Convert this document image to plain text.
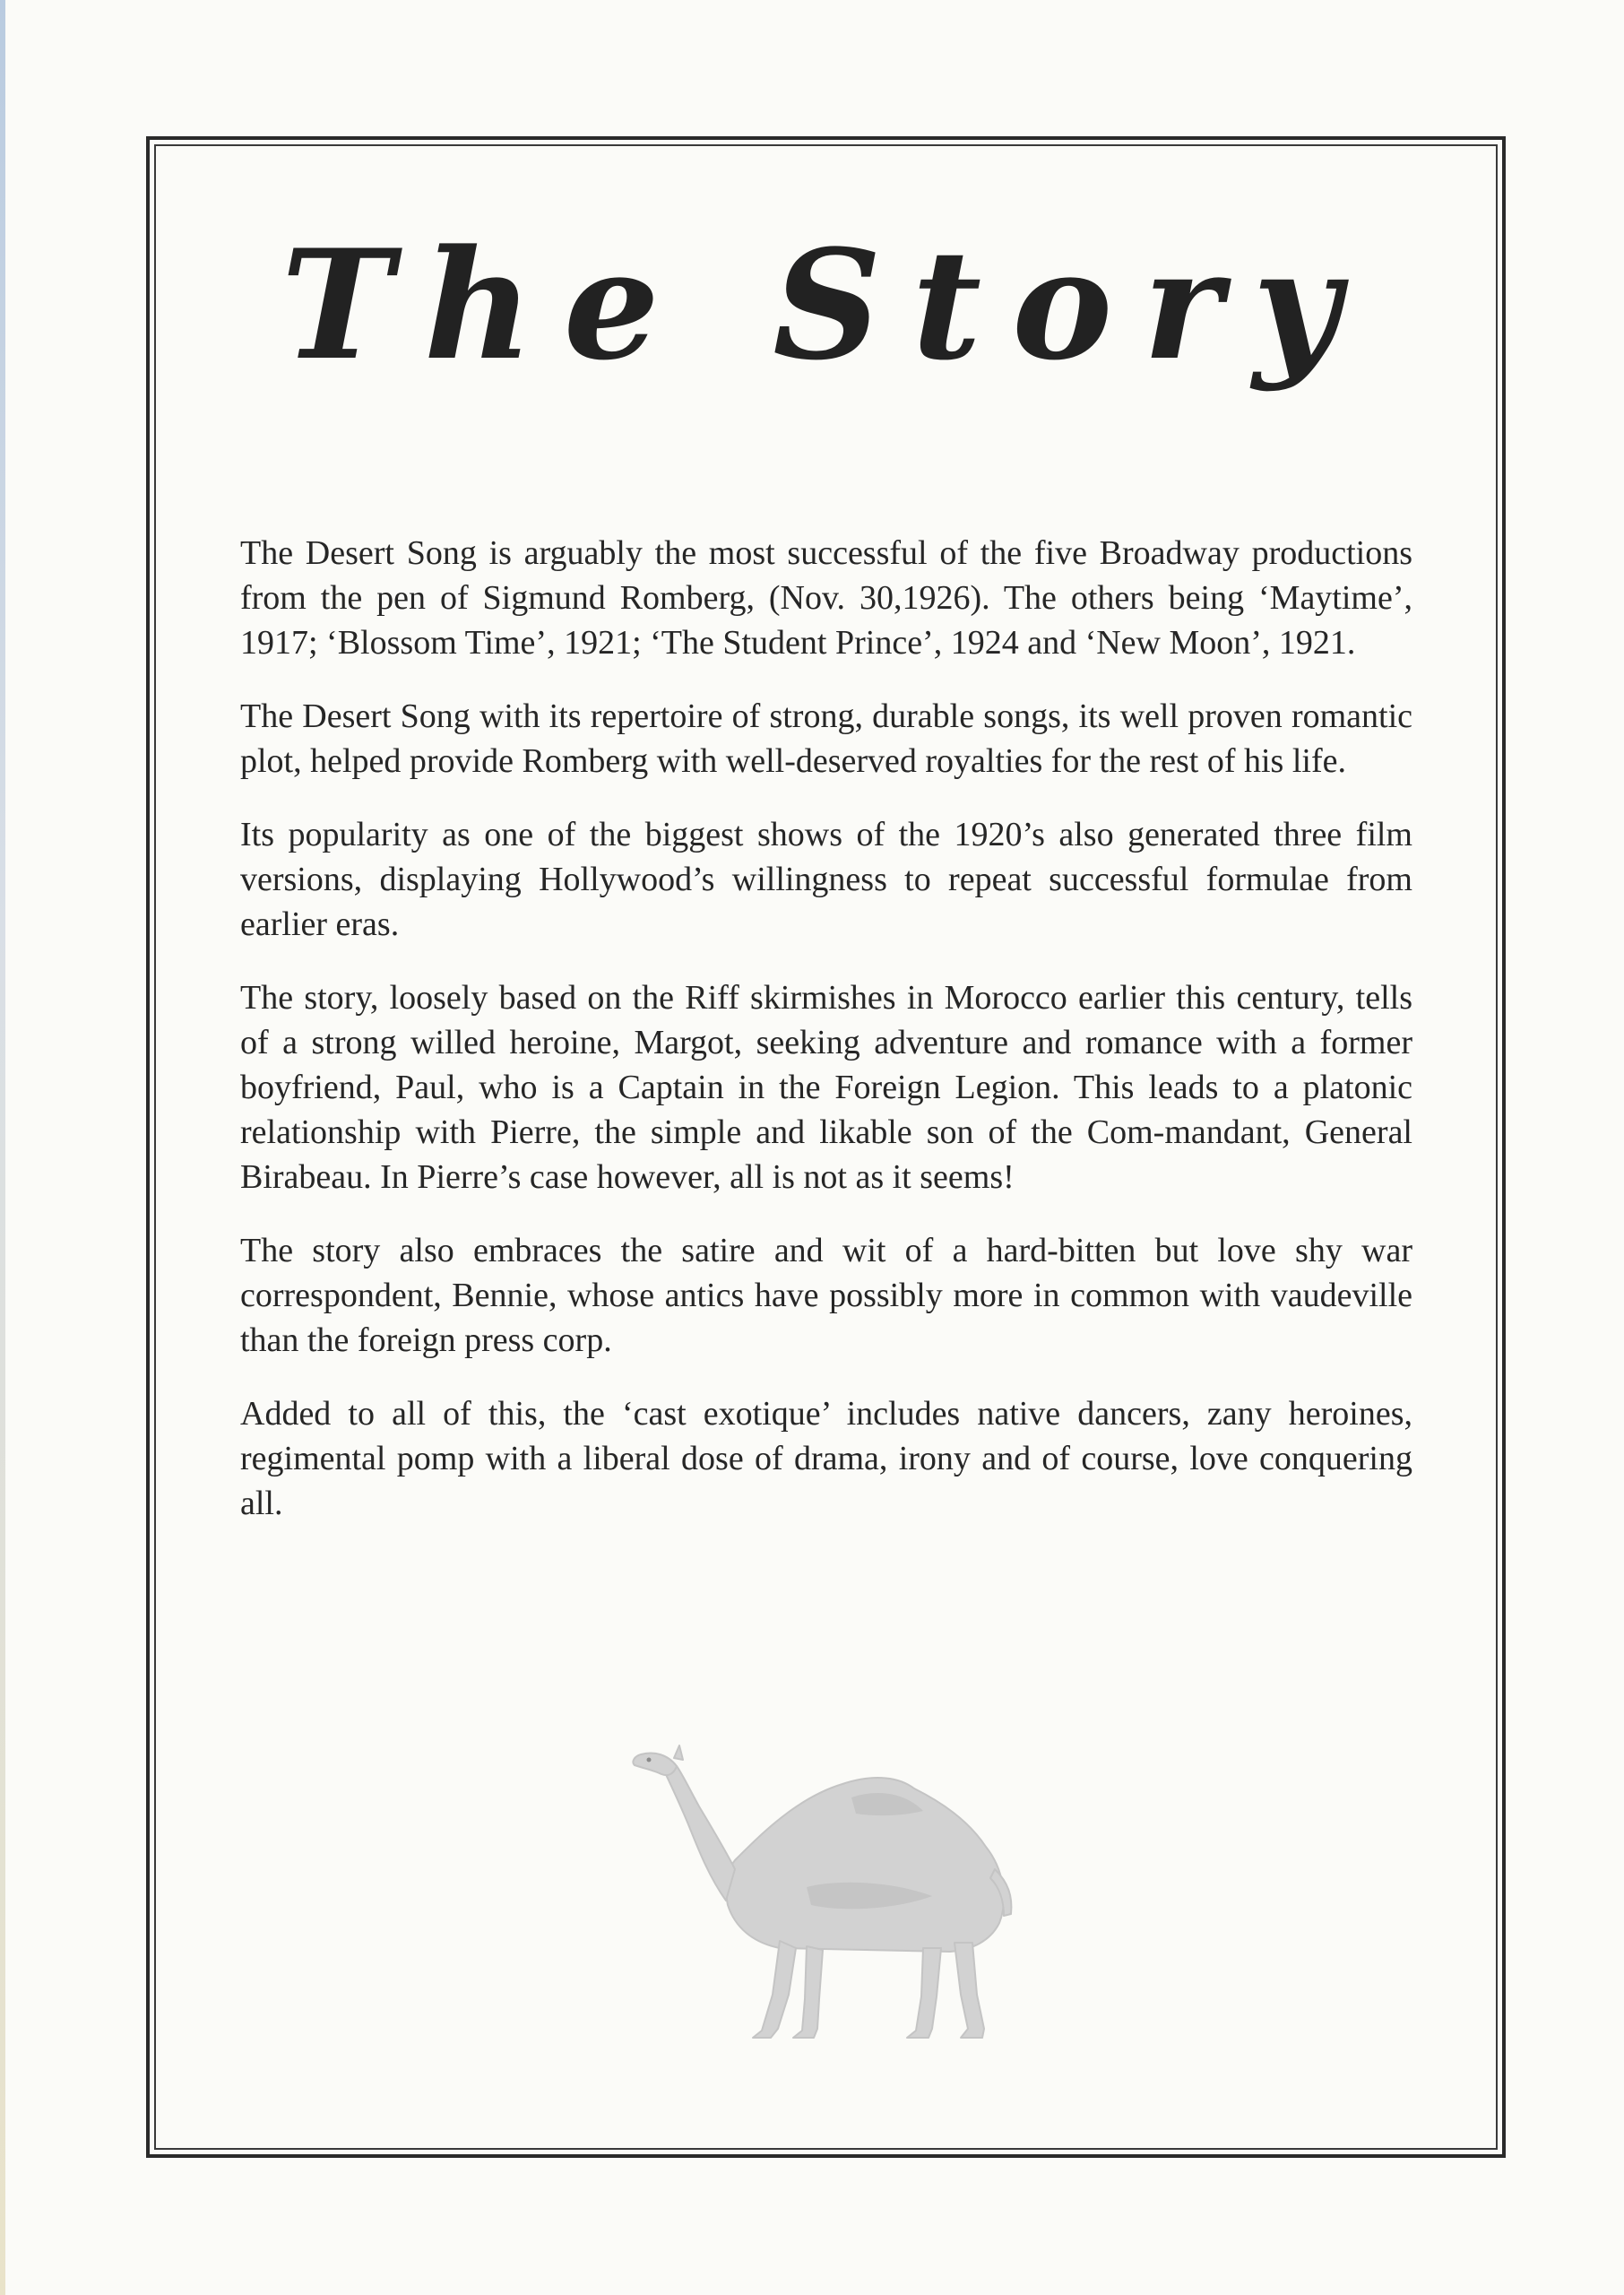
The Story

The Desert Song is arguably the most successful of the five Broadway productions from the pen of Sigmund Romberg, (Nov. 30,1926). The others being ‘Maytime’, 1917; ‘Blossom Time’, 1921; ‘The Student Prince’, 1924 and ‘New Moon’, 1921.

The Desert Song with its repertoire of strong, durable songs, its well proven romantic plot, helped provide Romberg with well-deserved royalties for the rest of his life.

Its popularity as one of the biggest shows of the 1920’s also generated three film versions, displaying Hollywood’s willingness to repeat successful formulae from earlier eras.

The story, loosely based on the Riff skirmishes in Morocco earlier this century, tells of a strong willed heroine, Margot, seeking adventure and romance with a former boyfriend, Paul, who is a Captain in the Foreign Legion. This leads to a platonic relationship with Pierre, the simple and likable son of the Com-mandant, General Birabeau. In Pierre’s case however, all is not as it seems!

The story also embraces the satire and wit of a hard-bitten but love shy war correspondent, Bennie, whose antics have possibly more in common with vaudeville than the foreign press corp.

Added to all of this, the ‘cast exotique’ includes native dancers, zany heroines, regimental pomp with a liberal dose of drama, irony and of course, love conquering all.
